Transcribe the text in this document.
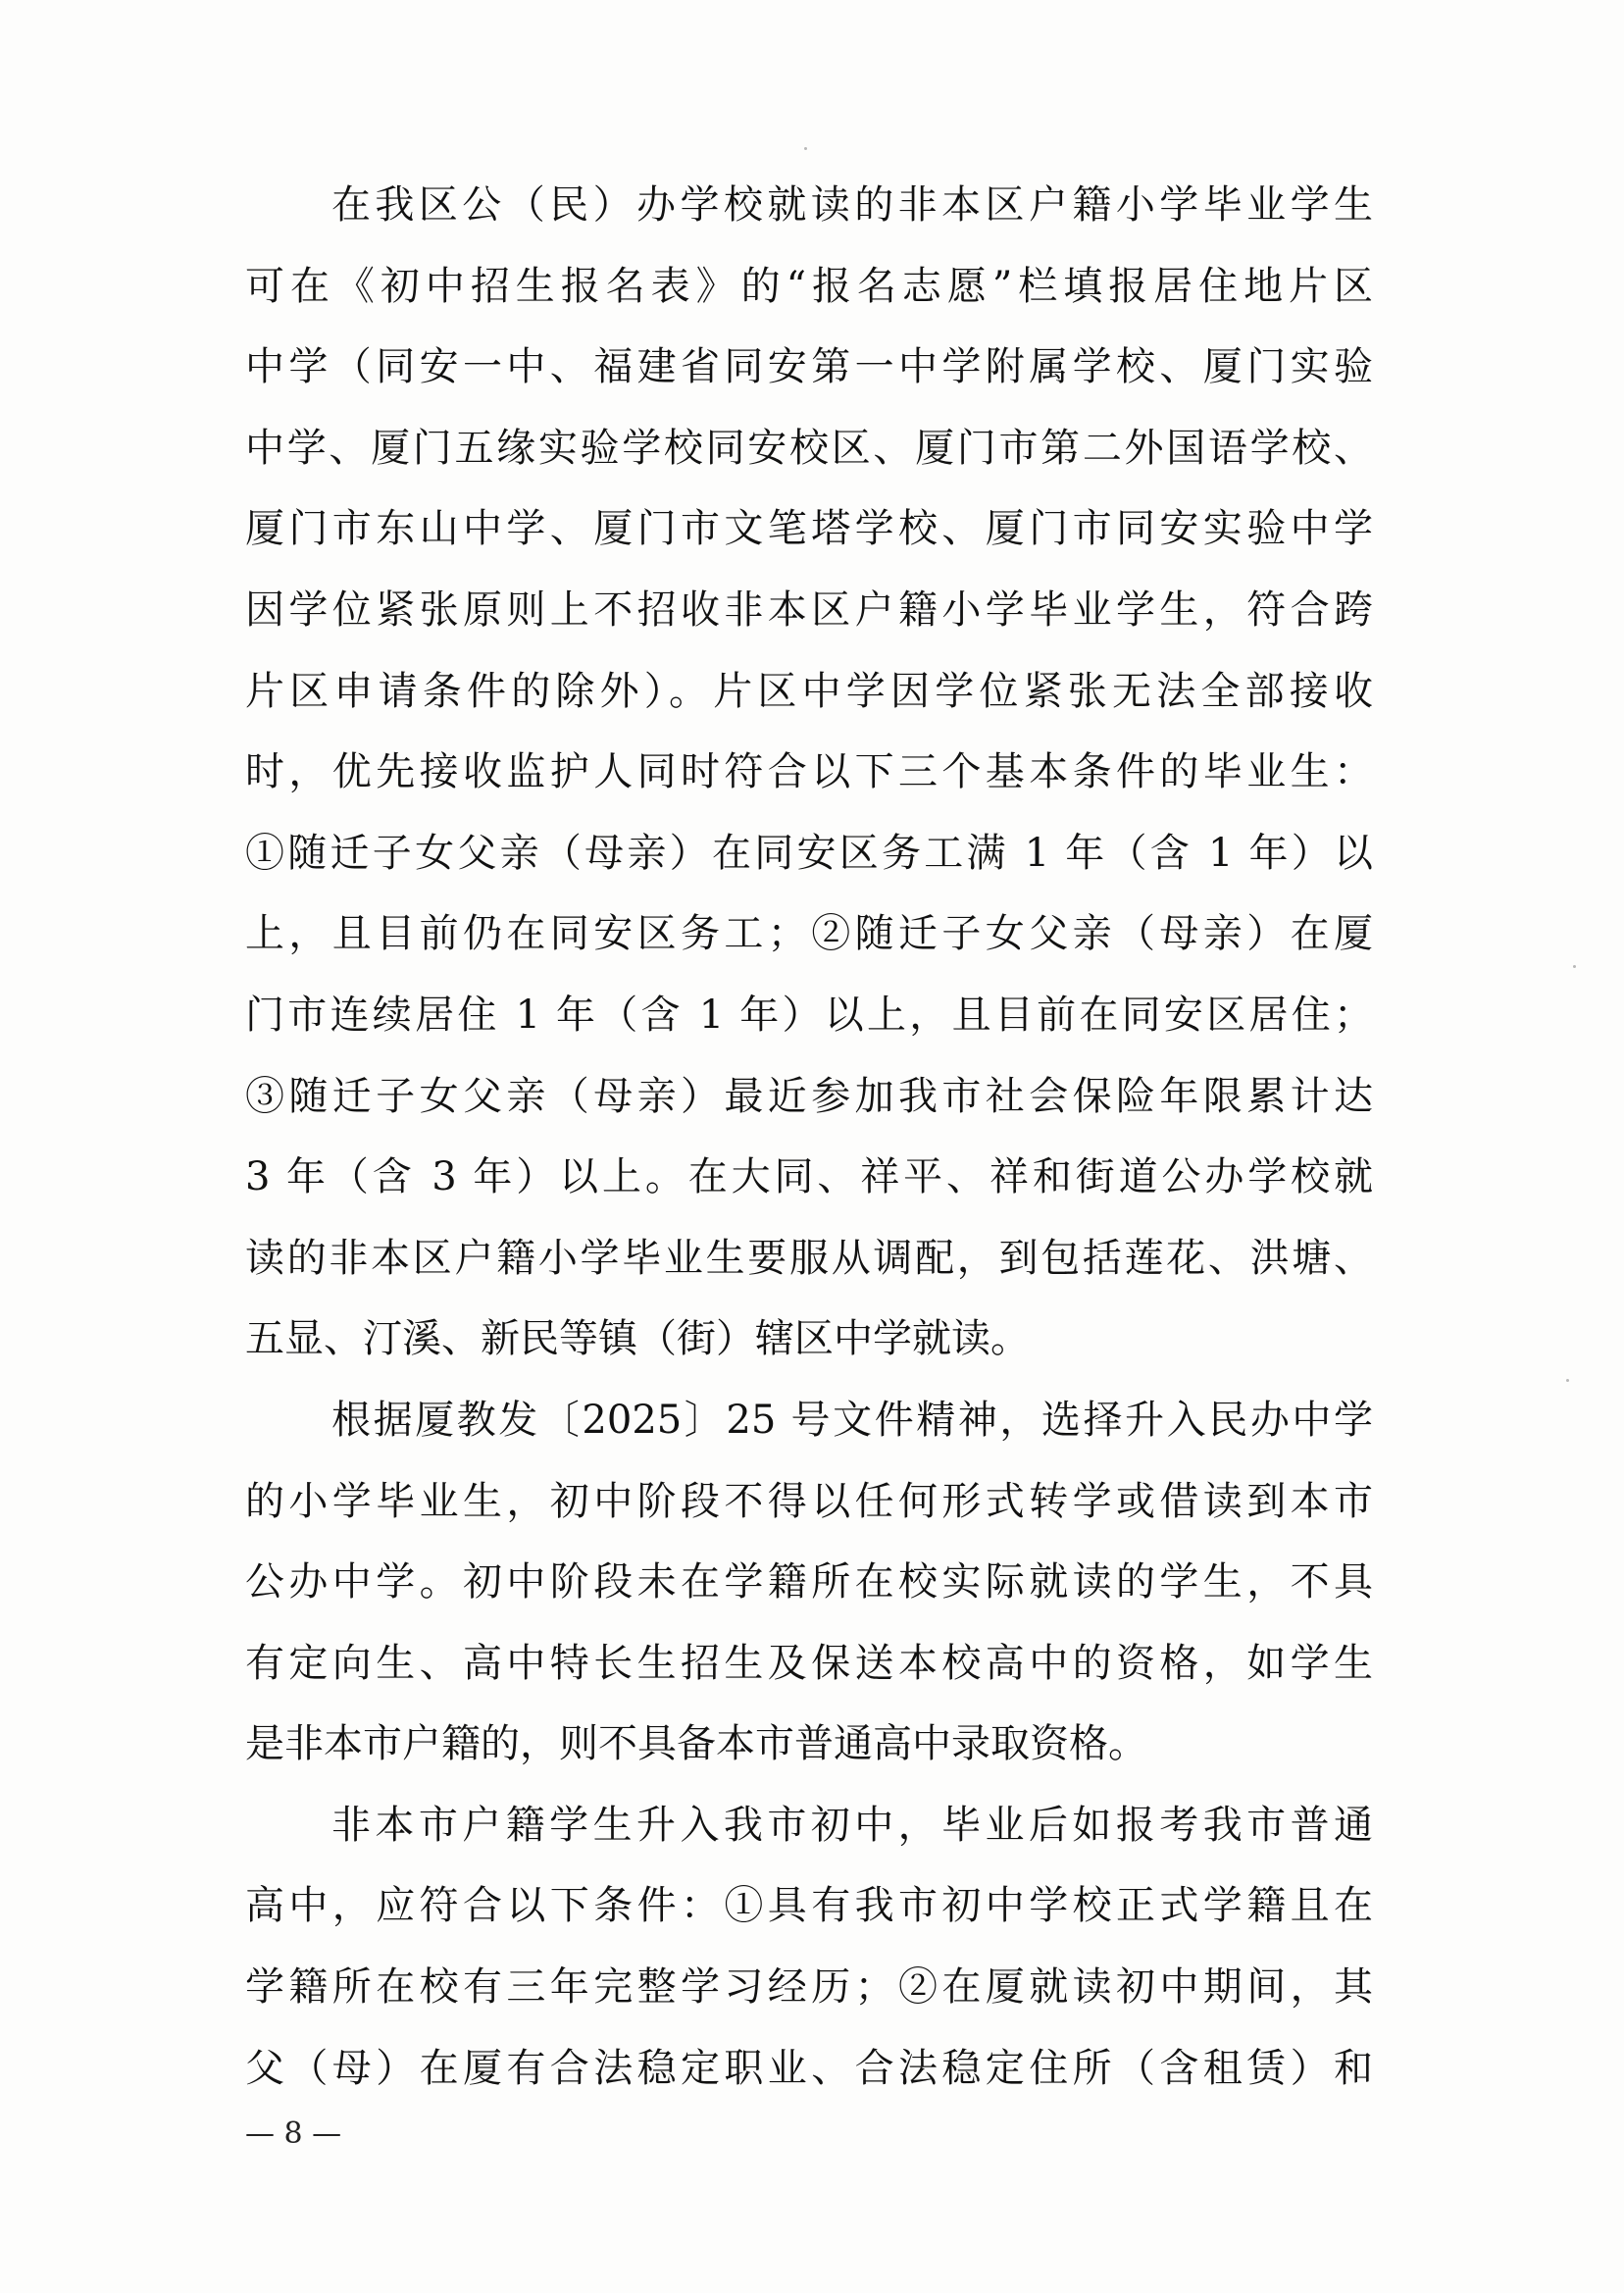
在我区公（民）办学校就读的非本区户籍小学毕业学生
可在《初中招生报名表》的“报名志愿”栏填报居住地片区
中学（同安一中、福建省同安第一中学附属学校、厦门实验
中学、厦门五缘实验学校同安校区、厦门市第二外国语学校、
厦门市东山中学、厦门市文笔塔学校、厦门市同安实验中学
因学位紧张原则上不招收非本区户籍小学毕业学生，符合跨
片区申请条件的除外）。片区中学因学位紧张无法全部接收
时，优先接收监护人同时符合以下三个基本条件的毕业生：
①随迁子女父亲（母亲）在同安区务工满 1 年（含 1 年）以
上，且目前仍在同安区务工；②随迁子女父亲（母亲）在厦
门市连续居住 1 年（含 1 年）以上，且目前在同安区居住；
③随迁子女父亲（母亲）最近参加我市社会保险年限累计达
3 年（含 3 年）以上。在大同、祥平、祥和街道公办学校就
读的非本区户籍小学毕业生要服从调配，到包括莲花、洪塘、
五显、汀溪、新民等镇（街）辖区中学就读。
根据厦教发〔2025〕25 号文件精神，选择升入民办中学
的小学毕业生，初中阶段不得以任何形式转学或借读到本市
公办中学。初中阶段未在学籍所在校实际就读的学生，不具
有定向生、高中特长生招生及保送本校高中的资格，如学生
是非本市户籍的，则不具备本市普通高中录取资格。
非本市户籍学生升入我市初中，毕业后如报考我市普通
高中，应符合以下条件：①具有我市初中学校正式学籍且在
学籍所在校有三年完整学习经历；②在厦就读初中期间，其
父（母）在厦有合法稳定职业、合法稳定住所（含租赁）和
— 8 —
